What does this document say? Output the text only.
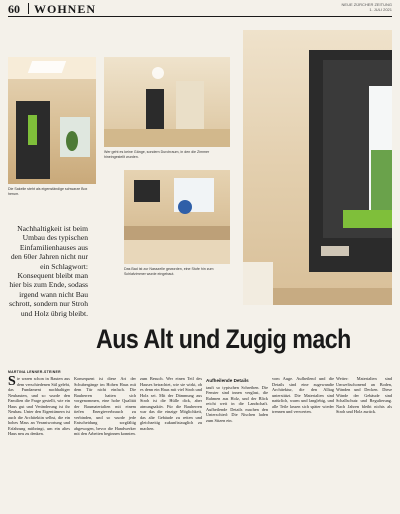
60 WOHNEN	NEUE ZÜRCHER ZEITUNG
1. JULI 2021
Die Sakelle steht als eigenständige schwarze Box herum.
Wer geht es keine Gänge, sondern Durchraum, in den die Zimmer hineingestellt wurden.
Das Bad ist zur Nasszelle geworden, eine Stufe hin zum Schlafzimmer wurde eingebaut.
Nachhaltigkeit ist beim Umbau des typischen Einfamilienhauses aus den 60er Jahren nicht nur ein Schlagwort: Konsequent bleibt man hier bis zum Ende, sodass irgend wann nicht Bau schrott, sondern nur Stroh und Holz übrig bleibt.
Aus Alt und Zugig mach
MARTINA LENNER-STEINER
S ie waren schon in Bauten aus dem verschiedenen Stil gelebt, das Fundament nachhaltiger Neubauten, und so wurde den Familien die Frage gestellt, wie ein Haus gut und Veränderung ist ihr Neubau. Unter den Eigentümern ist auch die Architektin selbst, die ein hohes Mass an Verantwortung und Erfahrung mitbringt, um ein altes Haus neu zu denken.
Konsequent ist diese Art der Schubergänge im Hohen Haus mit dem Tür nicht einfach. Die Bauherren hatten sich vorgenommen, eine hohe Qualität der Baumaterialien mit einem tiefen Energieverbrauch zu verbinden, und so wurde jede Entscheidung sorgfältig abgewogen, bevor die Handwerker mit den Arbeiten beginnen konnten.
zum Besuch. Wer einen Teil des Hauses betrachtet, wie sie wirkt, ob es denn ein Haus mit viel Stroh und Holz sei. Mit der Dämmung aus Stroh ist die Hülle dick, aber atmungsaktiv. Für die Bauherren war das die einzige Möglichkeit, das alte Gebäude zu retten und gleichzeitig zukunftstauglich zu machen.
Aufheilende Details
tauft so typischen Schreiben. Die Fenster sind innen verglast, die Rahmen aus Holz, und der Blick reicht weit in die Landschaft. Aufheilende Details machen den Unterschied: Die Nischen laden zum Sitzen ein.
vom Auge. Aufheilend und die Details sind eine zugewandte Architektur, die den Alltag unterstützt. Die Materialien sind natürlich, warm und langlebig, und alle Teile lassen sich später wieder trennen und verwerten.
Weiter: Materialien sind Umweltschonend an Boden, Wänden und Decken. Diese Wände der Gebäude sind Schallschutz und Regulierung. Nach Jahren bleibt nichts als Stroh und Holz zurück.
